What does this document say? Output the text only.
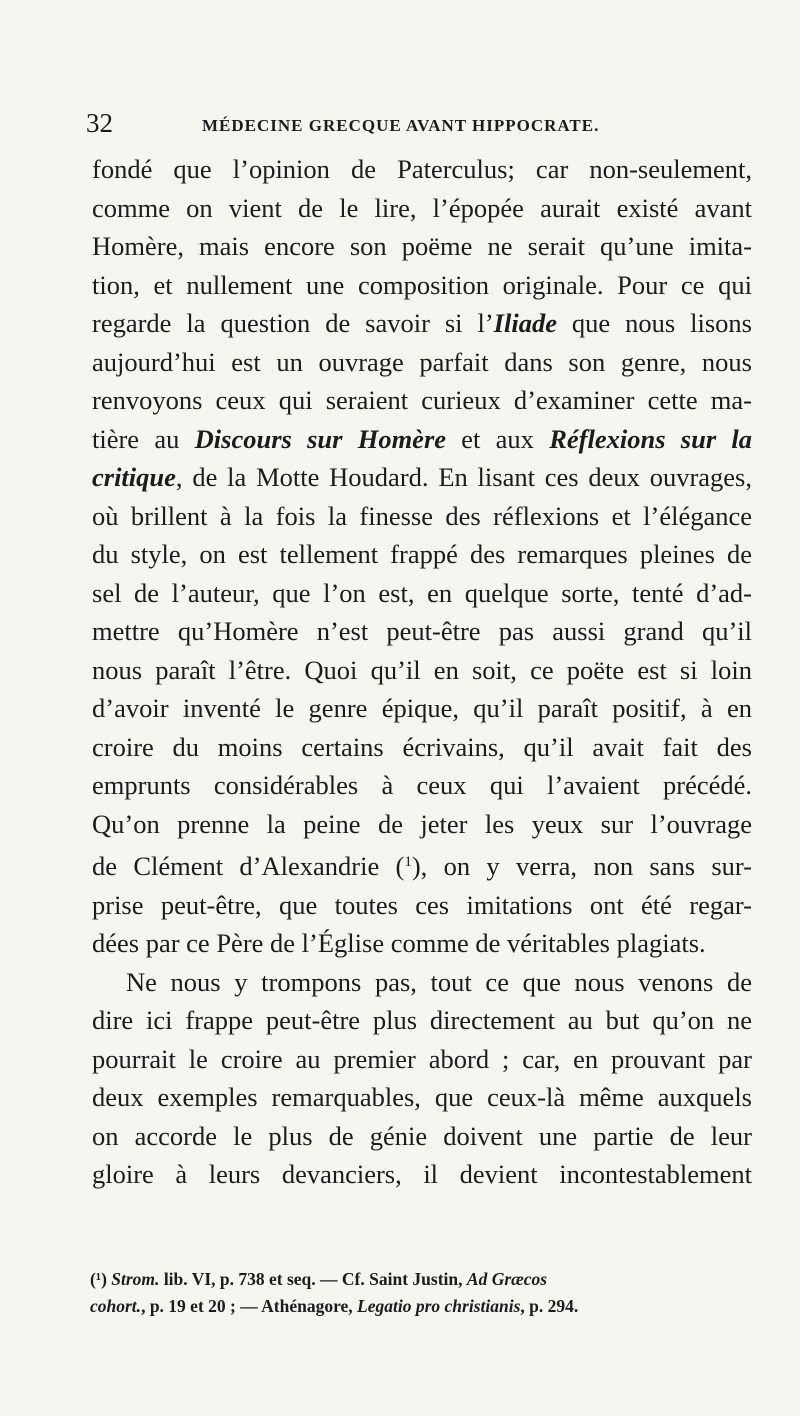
32	MÉDECINE GRECQUE AVANT HIPPOCRATE.
fondé que l’opinion de Paterculus; car non-seulement,
comme on vient de le lire, l’épopée aurait existé avant
Homère, mais encore son poëme ne serait qu’une imita-
tion, et nullement une composition originale. Pour ce qui
regarde la question de savoir si l’Iliade que nous lisons
aujourd’hui est un ouvrage parfait dans son genre, nous
renvoyons ceux qui seraient curieux d’examiner cette ma-
tière au Discours sur Homère et aux Réflexions sur la
critique, de la Motte Houdard. En lisant ces deux ouvrages,
où brillent à la fois la finesse des réflexions et l’élégance
du style, on est tellement frappé des remarques pleines de
sel de l’auteur, que l’on est, en quelque sorte, tenté d’ad-
mettre qu’Homère n’est peut-être pas aussi grand qu’il
nous paraît l’être. Quoi qu’il en soit, ce poëte est si loin
d’avoir inventé le genre épique, qu’il paraît positif, à en
croire du moins certains écrivains, qu’il avait fait des
emprunts considérables à ceux qui l’avaient précédé.
Qu’on prenne la peine de jeter les yeux sur l’ouvrage
de Clément d’Alexandrie ($^1$), on y verra, non sans sur-
prise peut-être, que toutes ces imitations ont été regar-
dées par ce Père de l’Église comme de véritables plagiats.
Ne nous y trompons pas, tout ce que nous venons de
dire ici frappe peut-être plus directement au but qu’on ne
pourrait le croire au premier abord ; car, en prouvant par
deux exemples remarquables, que ceux-là même auxquels
on accorde le plus de génie doivent une partie de leur
gloire à leurs devanciers, il devient incontestablement
(¹) Strom. lib. VI, p. 738 et seq. — Cf. Saint Justin, Ad Græcos
cohort., p. 19 et 20 ; — Athénagore, Legatio pro christianis, p. 294.
